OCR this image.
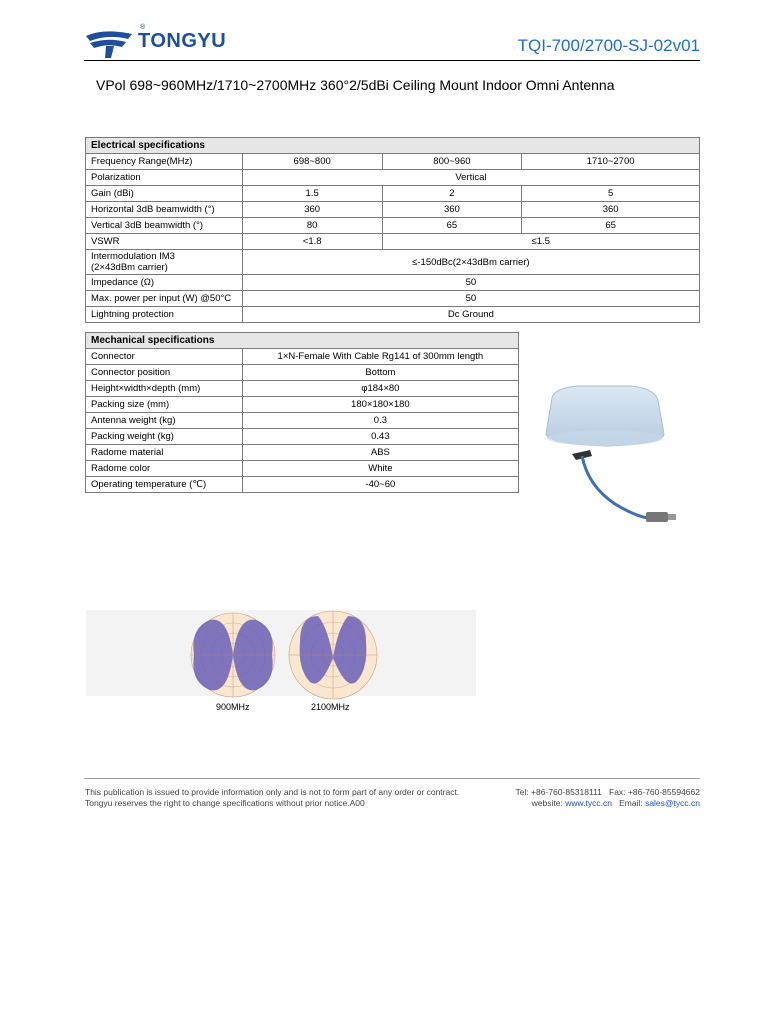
®
TONGYU	TQI-700/2700-SJ-02v01
VPol 698~960MHz/1710~2700MHz 360°2/5dBi Ceiling Mount Indoor Omni Antenna
Electrical specifications			
Frequency Range(MHz)	698~800	800~960	1710~2700
Polarization	Vertical		
Gain (dBi)	1.5	2	5
Horizontal 3dB beamwidth (°)	360	360	360
Vertical 3dB beamwidth (°)	80	65	65
VSWR	<1.8	≤1.5	

Intermodulation IM3
(2×43dBm carrier)	≤-150dBc(2×43dBm carrier)		
Impedance (Ω)	50		
Max. power per input (W) @50°C	50		
Lightning protection	Dc Ground		
Mechanical specifications	
Connector	1×N-Female With Cable Rg141 of 300mm length
Connector position	Bottom
Height×width×depth (mm)	φ184×80
Packing size (mm)	180×180×180
Antenna weight (kg)	0.3
Packing weight (kg)	0.43
Radome material	ABS
Radome color	White
Operating temperature (℃)	-40~60
900MHz	2100MHz
This publication is issued to provide information only and is not to form part of any order or contract.
Tongyu reserves the right to change specifications without prior notice.A00
Tel: +86-760-85318111 Fax: +86-760-85594662
website: www.tycc.cn Email: sales@tycc.cn
